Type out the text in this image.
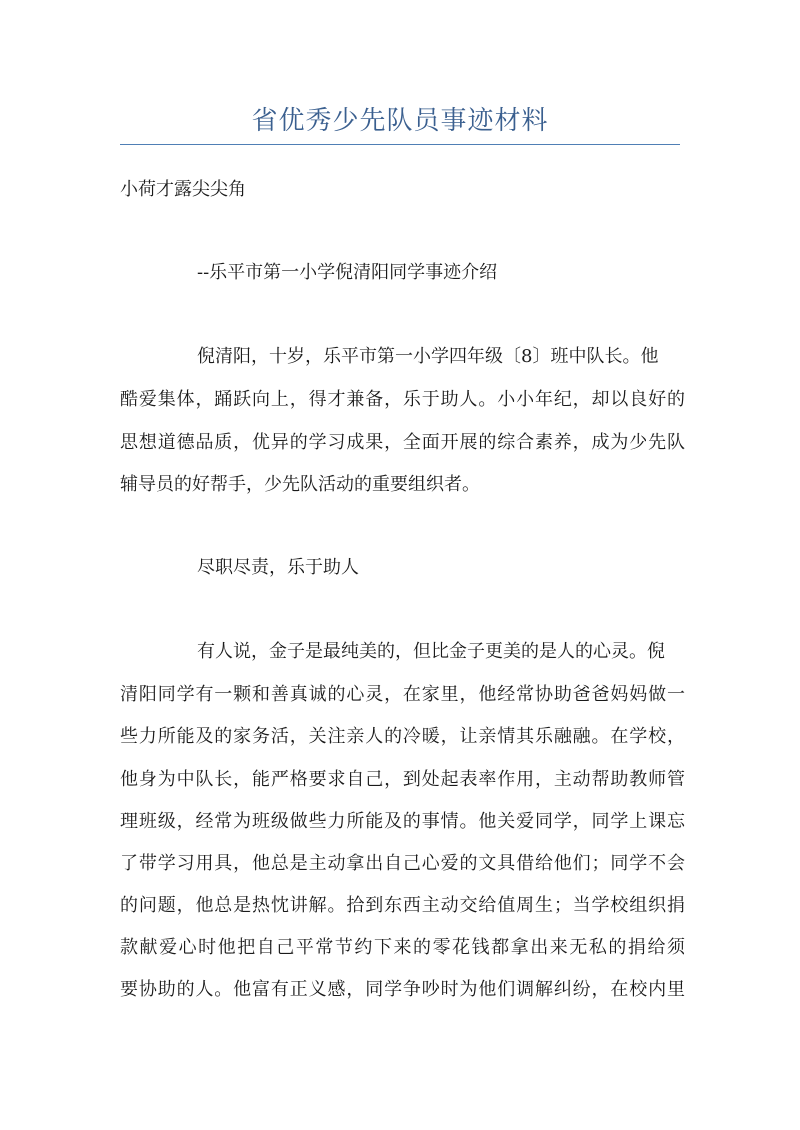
省优秀少先队员事迹材料
小荷才露尖尖角
--乐平市第一小学倪清阳同学事迹介绍
倪清阳，十岁，乐平市第一小学四年级〔8〕班中队长。他
酷爱集体，踊跃向上，得才兼备，乐于助人。小小年纪，却以良好的
思想道德品质，优异的学习成果，全面开展的综合素养，成为少先队
辅导员的好帮手，少先队活动的重要组织者。
尽职尽责，乐于助人
有人说，金子是最纯美的，但比金子更美的是人的心灵。倪
清阳同学有一颗和善真诚的心灵，在家里，他经常协助爸爸妈妈做一
些力所能及的家务活，关注亲人的冷暖，让亲情其乐融融。在学校，
他身为中队长，能严格要求自己，到处起表率作用，主动帮助教师管
理班级，经常为班级做些力所能及的事情。他关爱同学，同学上课忘
了带学习用具，他总是主动拿出自己心爱的文具借给他们；同学不会
的问题，他总是热忱讲解。拾到东西主动交给值周生；当学校组织捐
款献爱心时他把自己平常节约下来的零花钱都拿出来无私的捐给须
要协助的人。他富有正义感，同学争吵时为他们调解纠纷，在校内里
